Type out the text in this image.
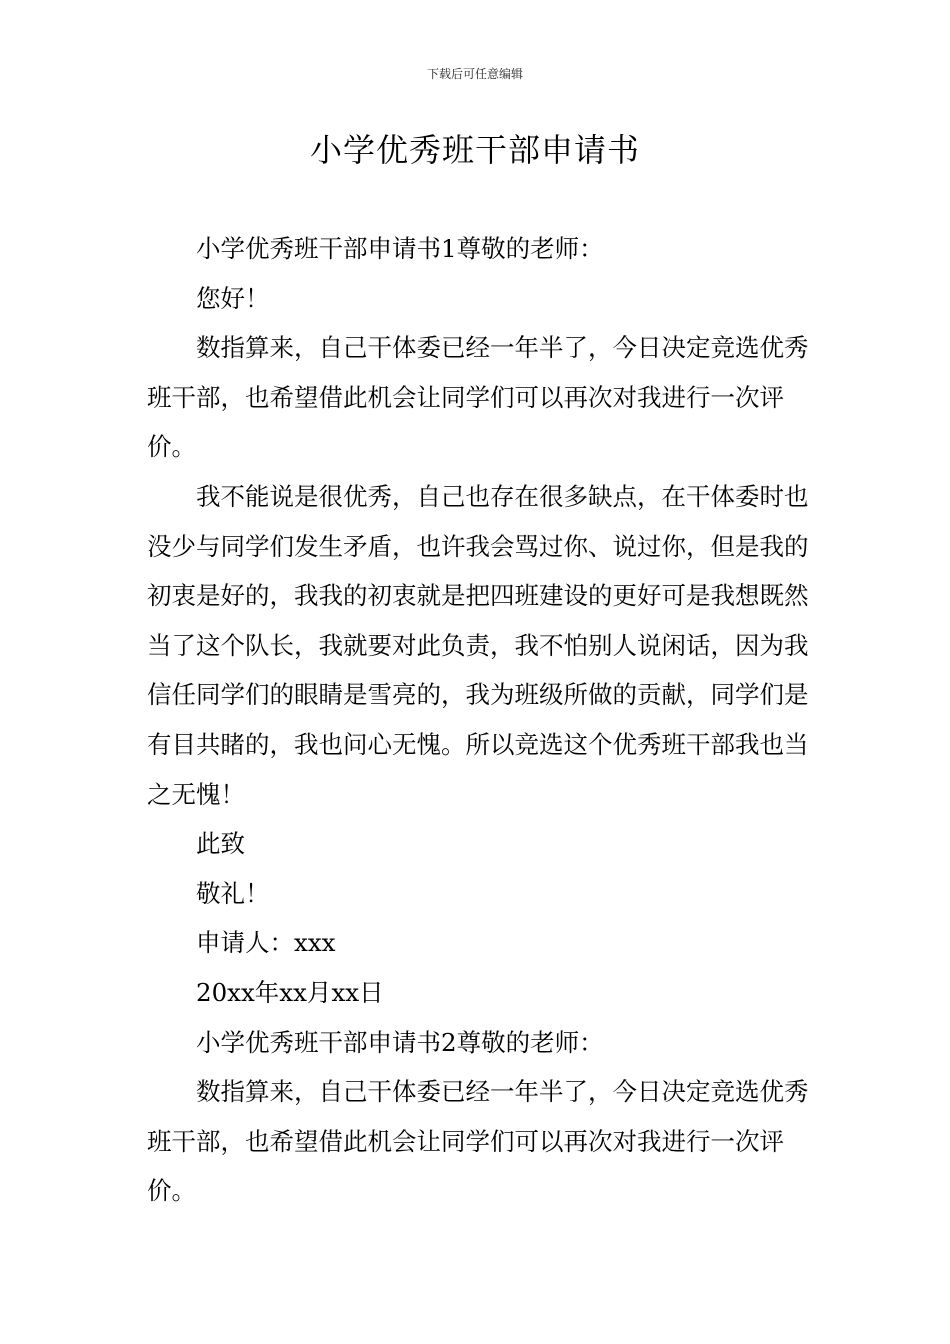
下载后可任意编辑
小学优秀班干部申请书

小学优秀班干部申请书1尊敬的老师：

您好！

数指算来，自己干体委已经一年半了，今日决定竞选优秀班干部，也希望借此机会让同学们可以再次对我进行一次评价。

我不能说是很优秀，自己也存在很多缺点，在干体委时也没少与同学们发生矛盾，也许我会骂过你、说过你，但是我的初衷是好的，我我的初衷就是把四班建设的更好可是我想既然当了这个队长，我就要对此负责，我不怕别人说闲话，因为我信任同学们的眼睛是雪亮的，我为班级所做的贡献，同学们是有目共睹的，我也问心无愧。所以竞选这个优秀班干部我也当之无愧！

此致

敬礼！

申请人：xxx

20xx年xx月xx日

小学优秀班干部申请书2尊敬的老师：

数指算来，自己干体委已经一年半了，今日决定竞选优秀班干部，也希望借此机会让同学们可以再次对我进行一次评价。
